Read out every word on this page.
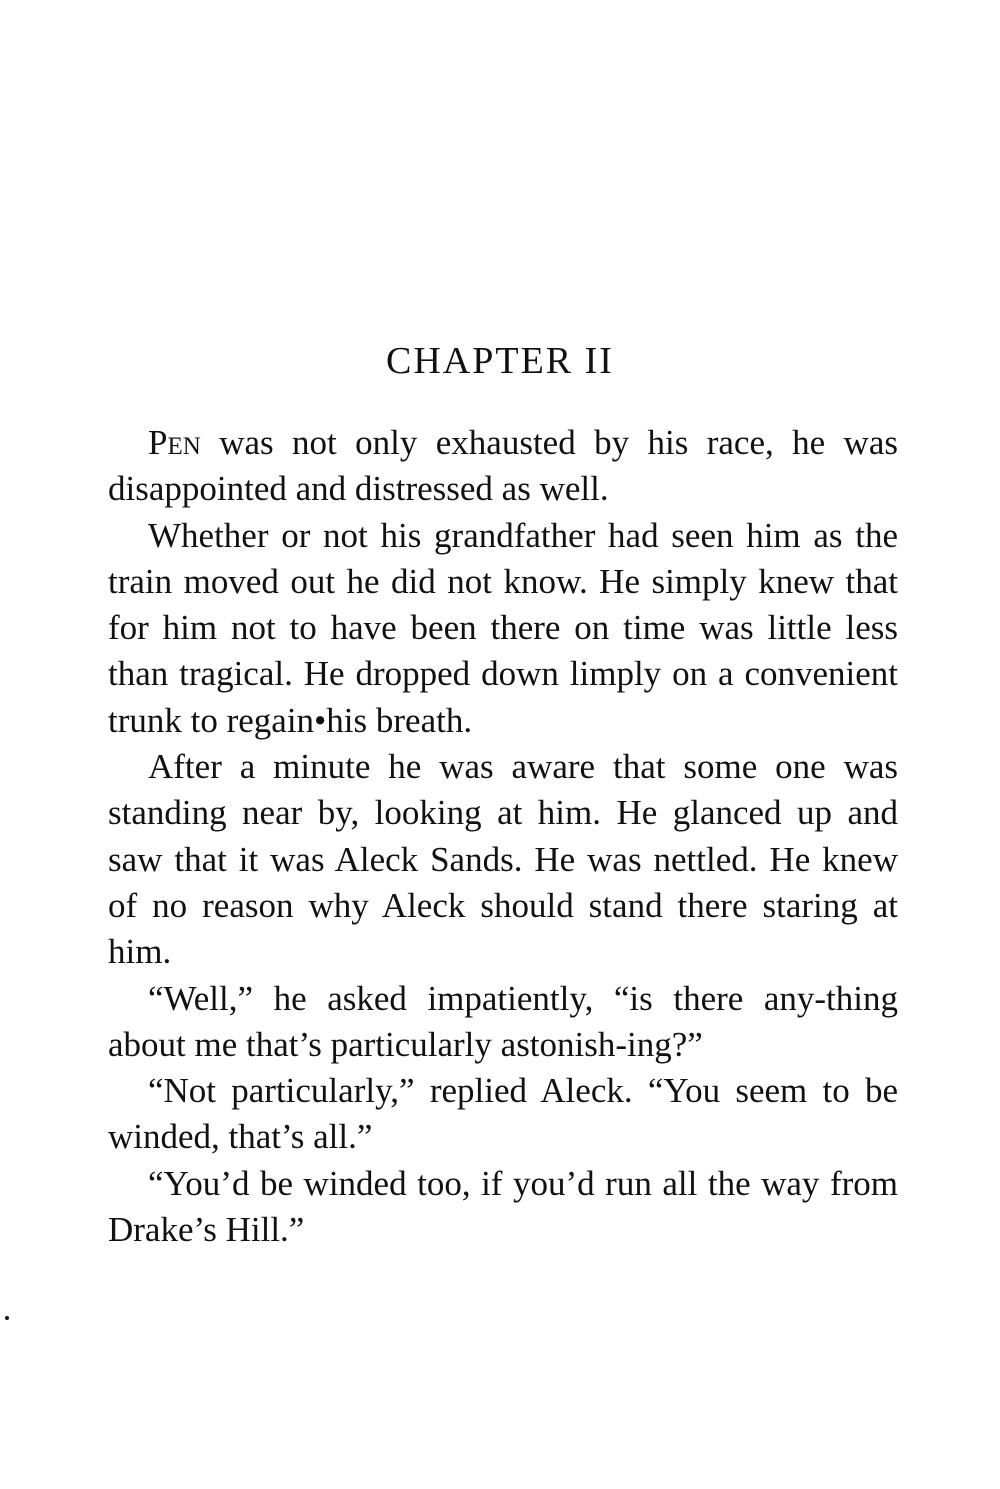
CHAPTER II

Pen was not only exhausted by his race, he was disappointed and distressed as well.

Whether or not his grandfather had seen him as the train moved out he did not know. He simply knew that for him not to have been there on time was little less than tragical. He dropped down limply on a convenient trunk to regain•his breath.

After a minute he was aware that some one was standing near by, looking at him. He glanced up and saw that it was Aleck Sands. He was nettled. He knew of no reason why Aleck should stand there staring at him.

“Well,” he asked impatiently, “is there any-thing about me that’s particularly astonish-ing?”

“Not particularly,” replied Aleck. “You seem to be winded, that’s all.”

“You’d be winded too, if you’d run all the way from Drake’s Hill.”
